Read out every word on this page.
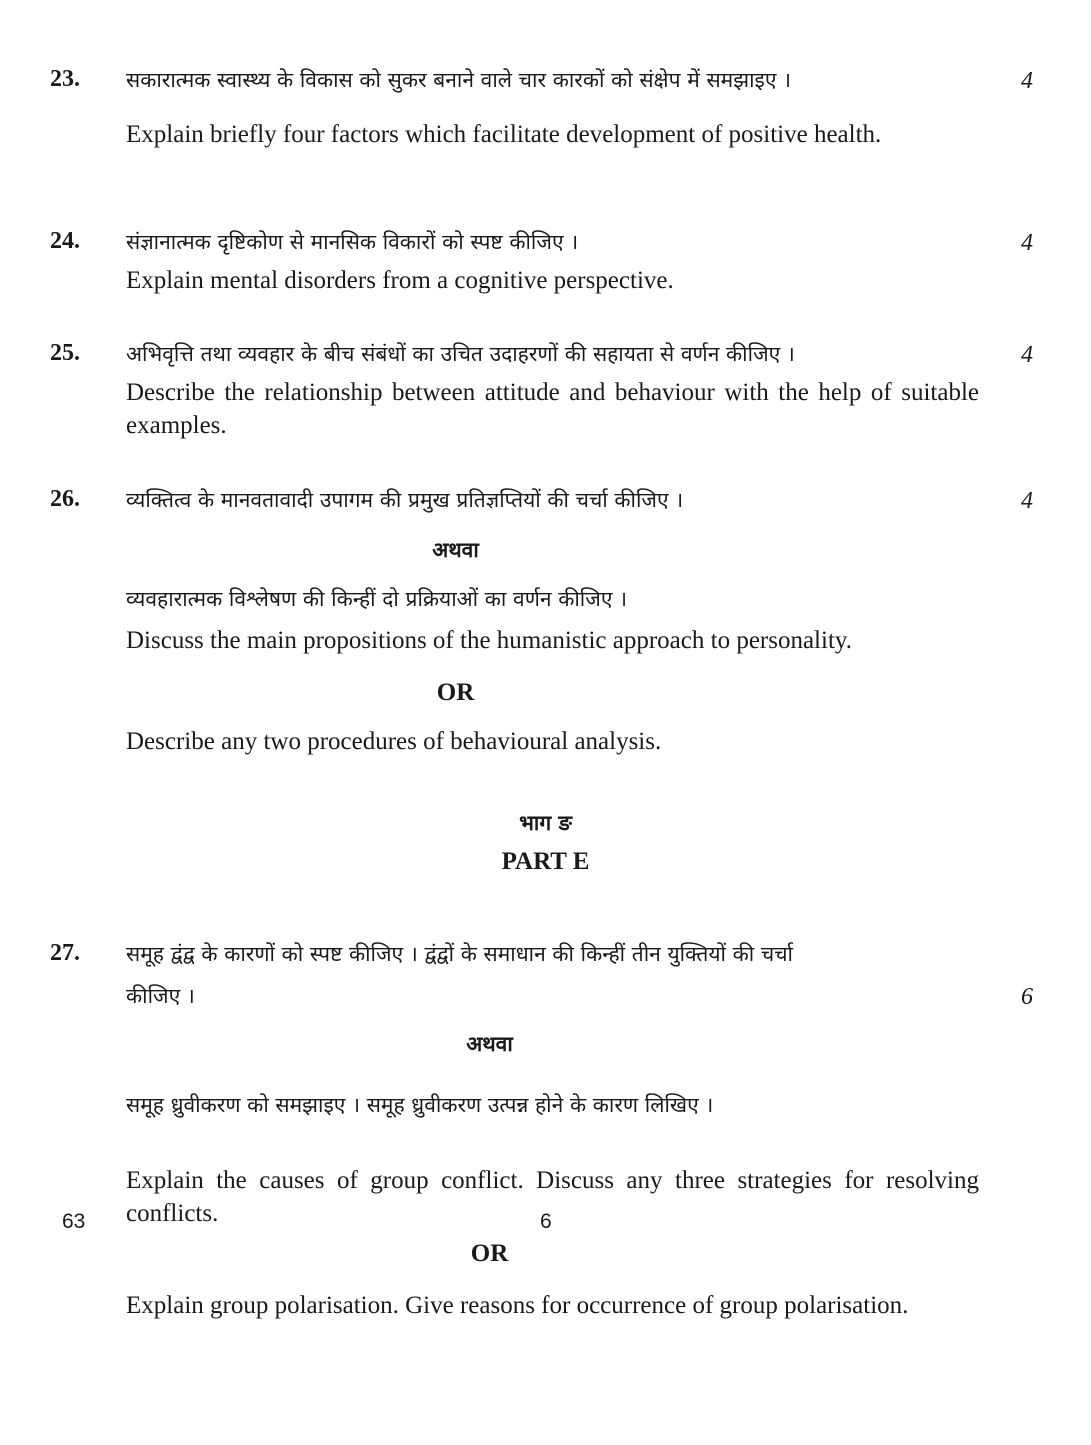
23.	सकारात्मक स्वास्थ्य के विकास को सुकर बनाने वाले चार कारकों को संक्षेप में समझाइए ।	4
Explain briefly four factors which facilitate development of positive health.
24.	संज्ञानात्मक दृष्टिकोण से मानसिक विकारों को स्पष्ट कीजिए ।	4
Explain mental disorders from a cognitive perspective.
25.	अभिवृत्ति तथा व्यवहार के बीच संबंधों का उचित उदाहरणों की सहायता से वर्णन कीजिए ।	4
Describe the relationship between attitude and behaviour with the help of suitable examples.
26.	व्यक्तित्व के मानवतावादी उपागम की प्रमुख प्रतिज्ञप्तियों की चर्चा कीजिए ।	4
अथवा
व्यवहारात्मक विश्लेषण की किन्हीं दो प्रक्रियाओं का वर्णन कीजिए ।
Discuss the main propositions of the humanistic approach to personality.
OR
Describe any two procedures of behavioural analysis.
भाग ङ
PART E
27.	समूह द्वंद्व के कारणों को स्पष्ट कीजिए । द्वंद्वों के समाधान की किन्हीं तीन युक्तियों की चर्चा
कीजिए ।	6
अथवा
समूह ध्रुवीकरण को समझाइए । समूह ध्रुवीकरण उत्पन्न होने के कारण लिखिए ।
Explain the causes of group conflict. Discuss any three strategies for resolving conflicts.
OR
Explain group polarisation. Give reasons for occurrence of group polarisation.
63	6
